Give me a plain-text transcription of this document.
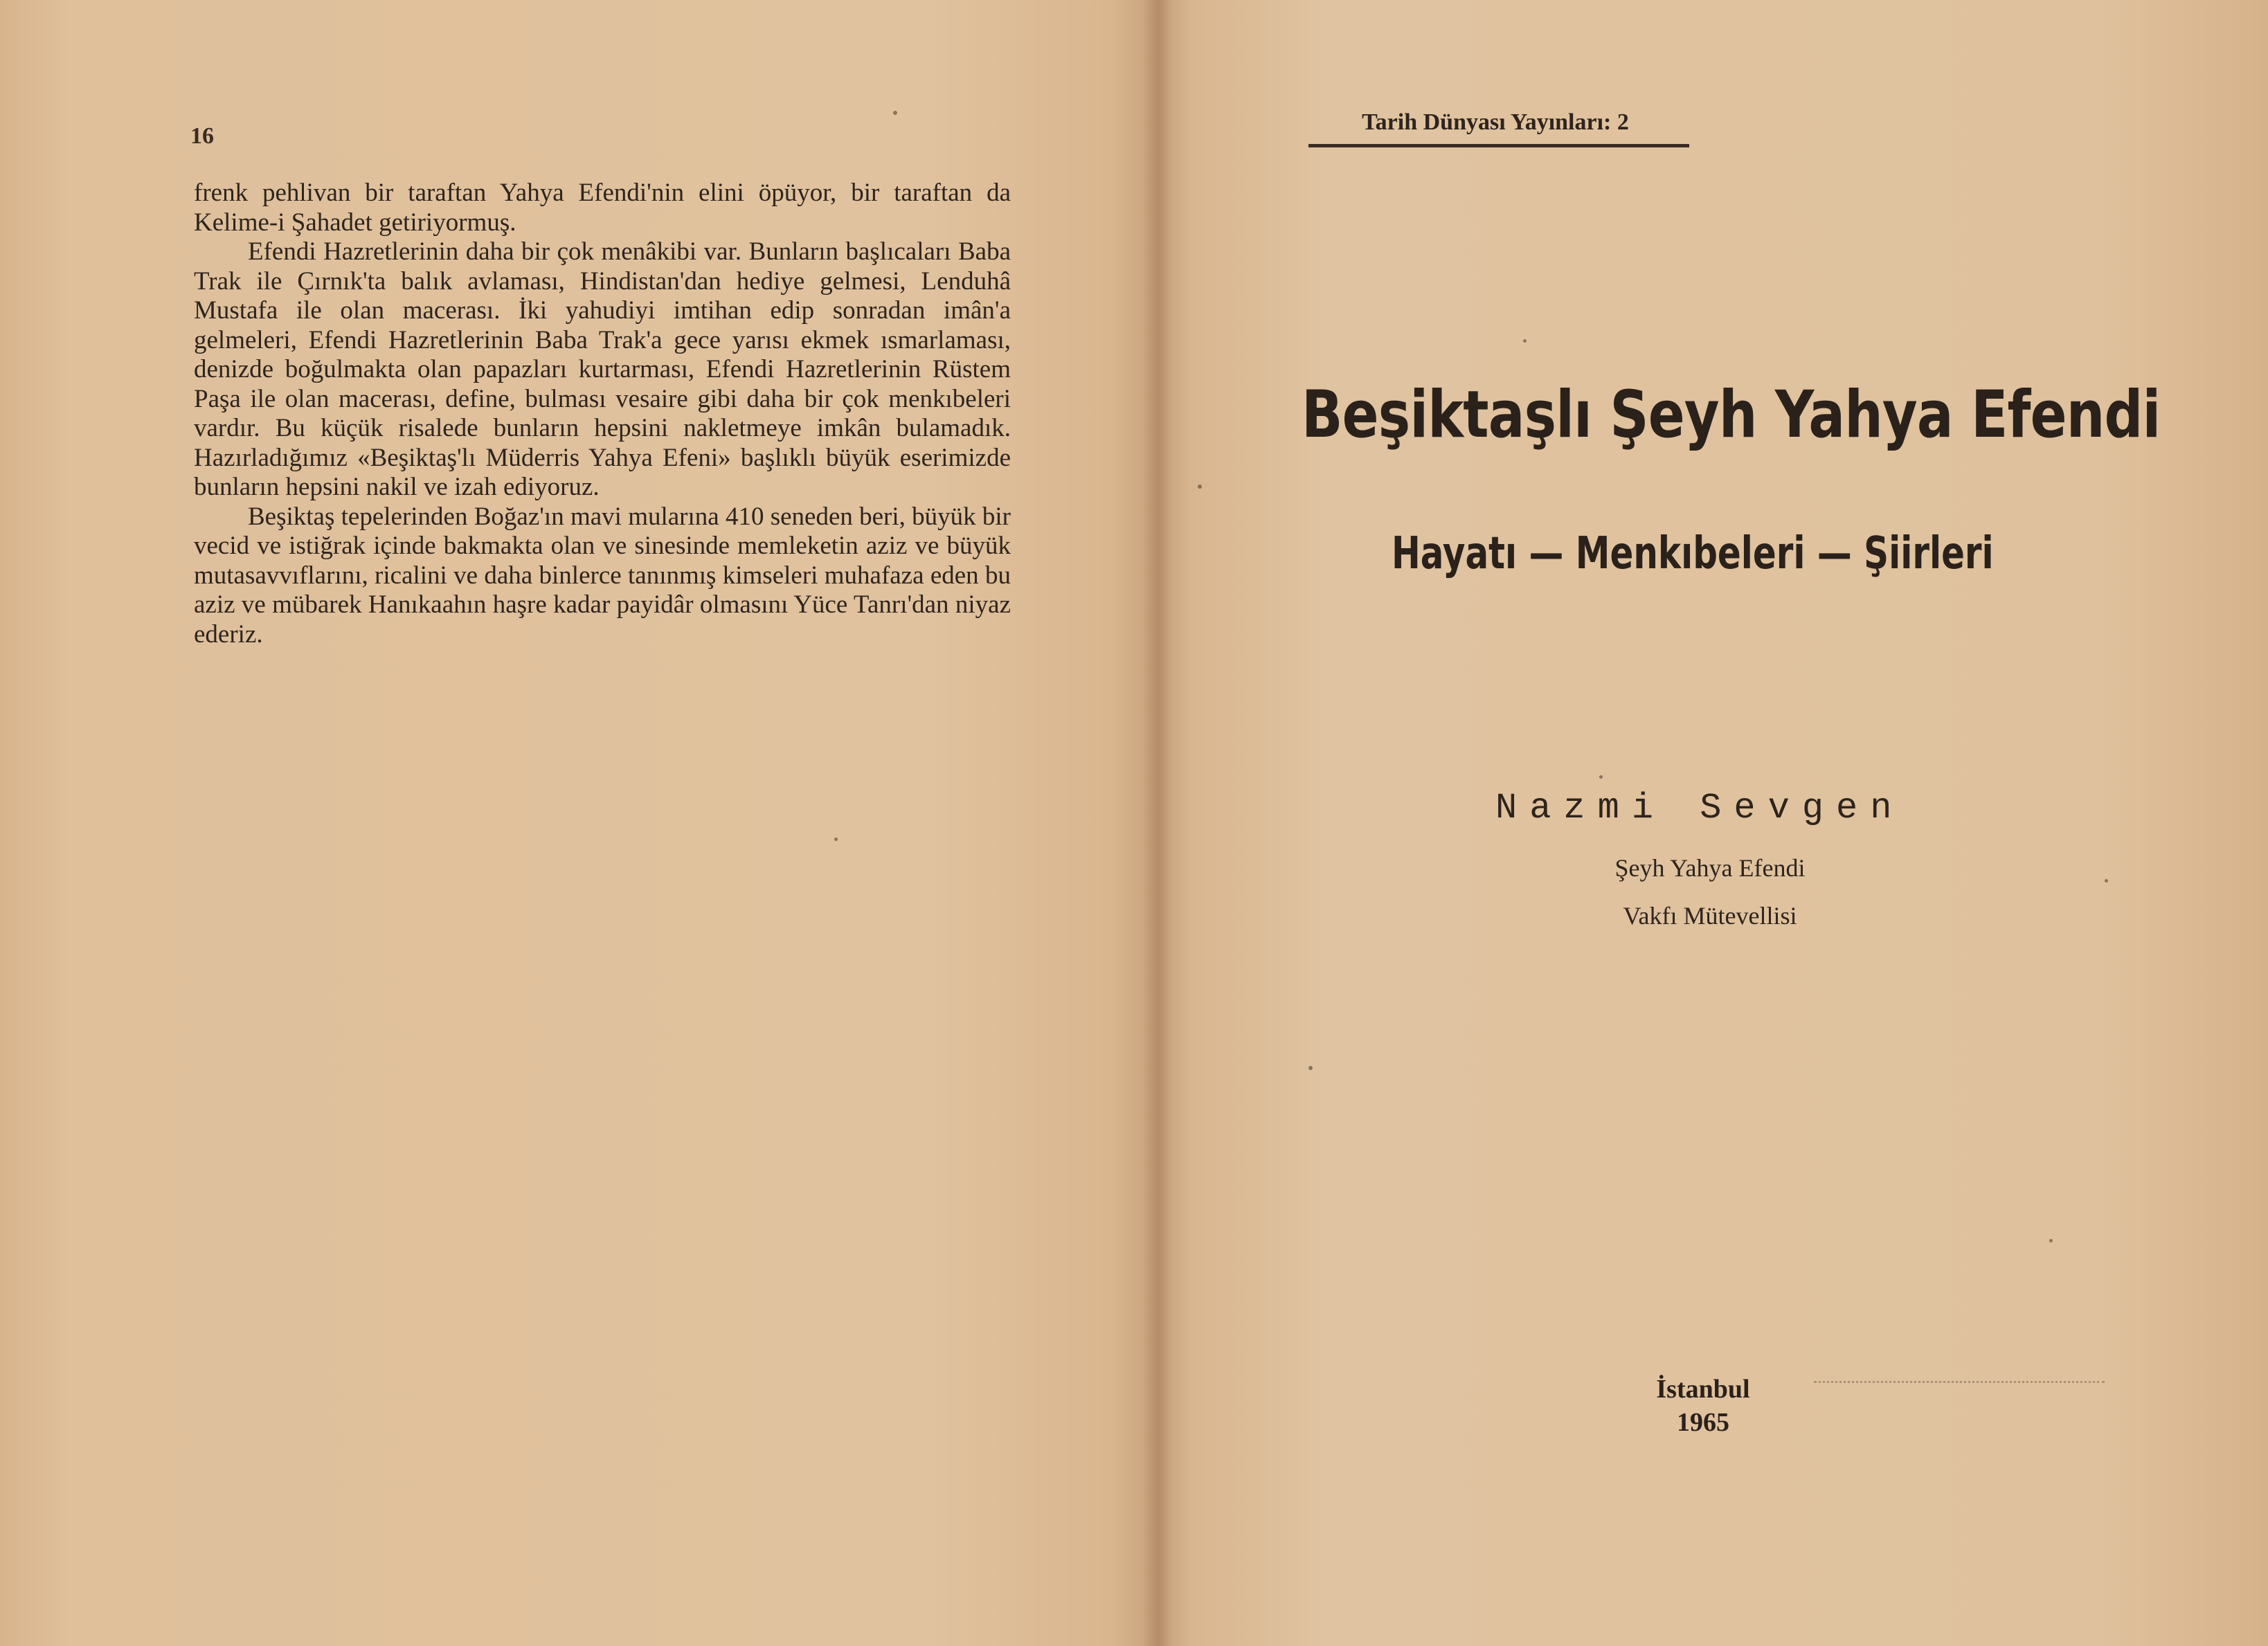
16

frenk pehlivan bir taraftan Yahya Efendi'nin elini öpüyor, bir taraftan da Kelime-i Şahadet getiriyormuş.

Efendi Hazretlerinin daha bir çok menâkibi var. Bunların başlıcaları Baba Trak ile Çırnık'ta balık avlaması, Hindistan'dan hediye gelmesi, Lenduhâ Mustafa ile olan macerası. İki yahudiyi imtihan edip sonradan imân'a gelmeleri, Efendi Hazretlerinin Baba Trak'a gece yarısı ekmek ısmarlaması, denizde boğulmakta olan papazları kurtarması, Efendi Hazretlerinin Rüstem Paşa ile olan macerası, define, bulması vesaire gibi daha bir çok menkıbeleri vardır. Bu küçük risalede bunların hepsini nakletmeye imkân bulamadık. Hazırladığımız «Beşiktaş'lı Müderris Yahya Efeni» başlıklı büyük eserimizde bunların hepsini nakil ve izah ediyoruz.

Beşiktaş tepelerinden Boğaz'ın mavi mularına 410 seneden beri, büyük bir vecid ve istiğrak içinde bakmakta olan ve sinesinde memleketin aziz ve büyük mutasavvıflarını, ricalini ve daha binlerce tanınmış kimseleri muhafaza eden bu aziz ve mübarek Hanıkaahın haşre kadar payidâr olmasını Yüce Tanrı'dan niyaz ederiz.

Tarih Dünyası Yayınları: 2
Beşiktaşlı Şeyh Yahya Efendi
Hayatı — Menkıbeleri — Şiirleri
Nazmi Sevgen
Şeyh Yahya Efendi
Vakfı Mütevellisi
İstanbul
1965
